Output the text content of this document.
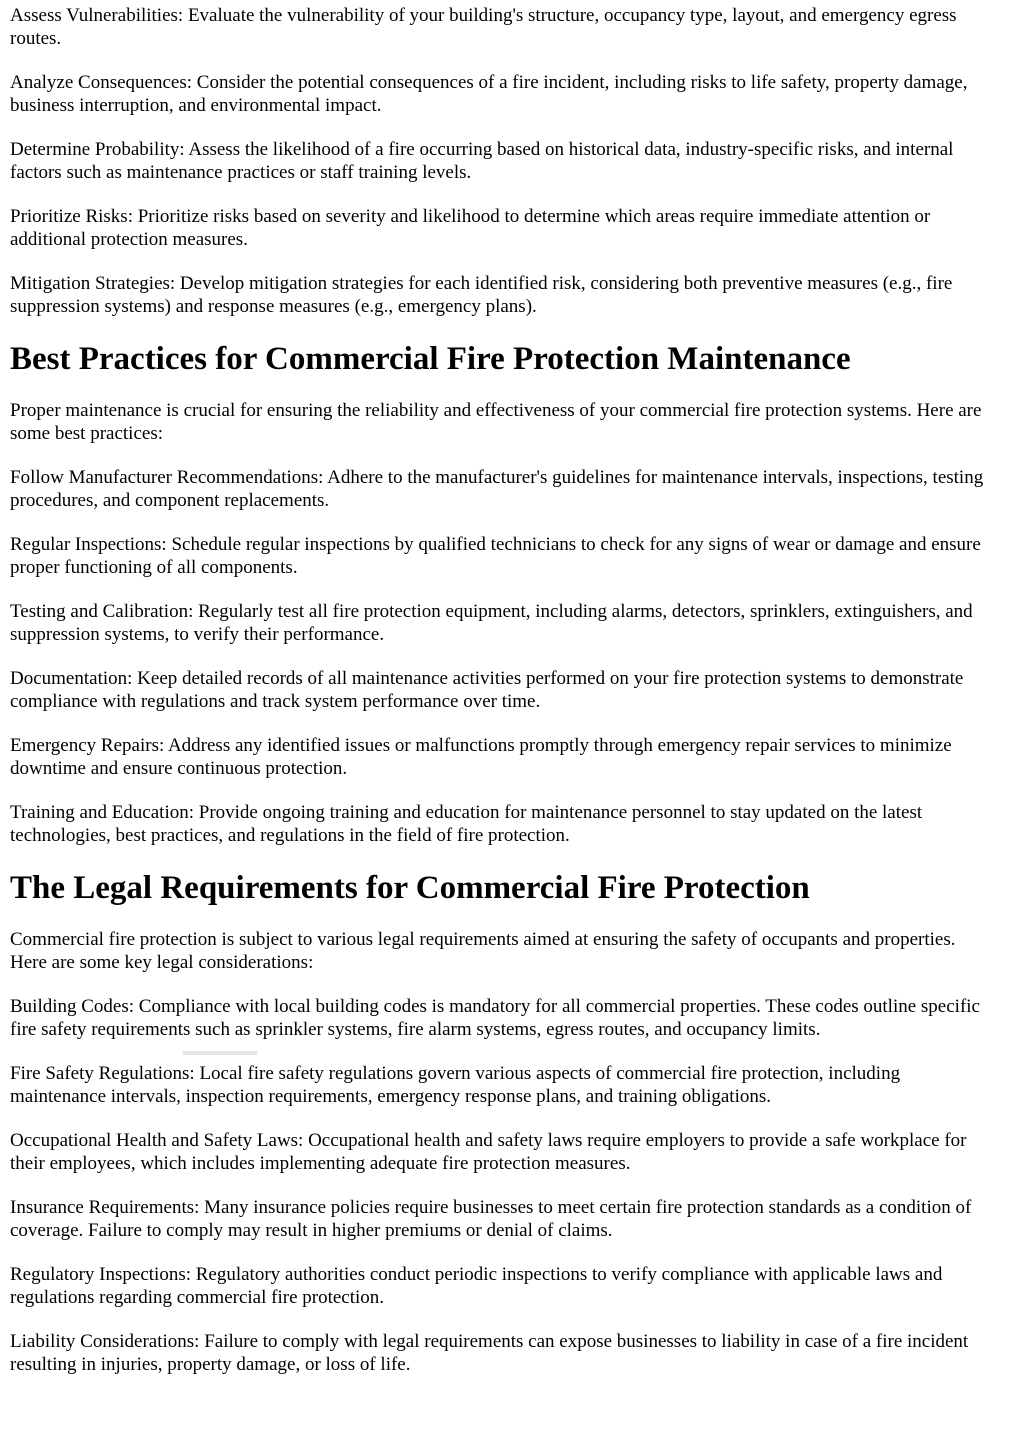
Assess Vulnerabilities: Evaluate the vulnerability of your building's structure, occupancy type, layout, and emergency egress routes.

Analyze Consequences: Consider the potential consequences of a fire incident, including risks to life safety, property damage, business interruption, and environmental impact.

Determine Probability: Assess the likelihood of a fire occurring based on historical data, industry-specific risks, and internal factors such as maintenance practices or staff training levels.

Prioritize Risks: Prioritize risks based on severity and likelihood to determine which areas require immediate attention or additional protection measures.

Mitigation Strategies: Develop mitigation strategies for each identified risk, considering both preventive measures (e.g., fire suppression systems) and response measures (e.g., emergency plans).

Best Practices for Commercial Fire Protection Maintenance

Proper maintenance is crucial for ensuring the reliability and effectiveness of your commercial fire protection systems. Here are some best practices:

Follow Manufacturer Recommendations: Adhere to the manufacturer's guidelines for maintenance intervals, inspections, testing procedures, and component replacements.

Regular Inspections: Schedule regular inspections by qualified technicians to check for any signs of wear or damage and ensure proper functioning of all components.

Testing and Calibration: Regularly test all fire protection equipment, including alarms, detectors, sprinklers, extinguishers, and suppression systems, to verify their performance.

Documentation: Keep detailed records of all maintenance activities performed on your fire protection systems to demonstrate compliance with regulations and track system performance over time.

Emergency Repairs: Address any identified issues or malfunctions promptly through emergency repair services to minimize downtime and ensure continuous protection.

Training and Education: Provide ongoing training and education for maintenance personnel to stay updated on the latest technologies, best practices, and regulations in the field of fire protection.

The Legal Requirements for Commercial Fire Protection

Commercial fire protection is subject to various legal requirements aimed at ensuring the safety of occupants and properties. Here are some key legal considerations:

Building Codes: Compliance with local building codes is mandatory for all commercial properties. These codes outline specific fire safety requirements such as sprinkler systems, fire alarm systems, egress routes, and occupancy limits.

Fire Safety Regulations: Local fire safety regulations govern various aspects of commercial fire protection, including maintenance intervals, inspection requirements, emergency response plans, and training obligations.

Occupational Health and Safety Laws: Occupational health and safety laws require employers to provide a safe workplace for their employees, which includes implementing adequate fire protection measures.

Insurance Requirements: Many insurance policies require businesses to meet certain fire protection standards as a condition of coverage. Failure to comply may result in higher premiums or denial of claims.

Regulatory Inspections: Regulatory authorities conduct periodic inspections to verify compliance with applicable laws and regulations regarding commercial fire protection.

Liability Considerations: Failure to comply with legal requirements can expose businesses to liability in case of a fire incident resulting in injuries, property damage, or loss of life.
